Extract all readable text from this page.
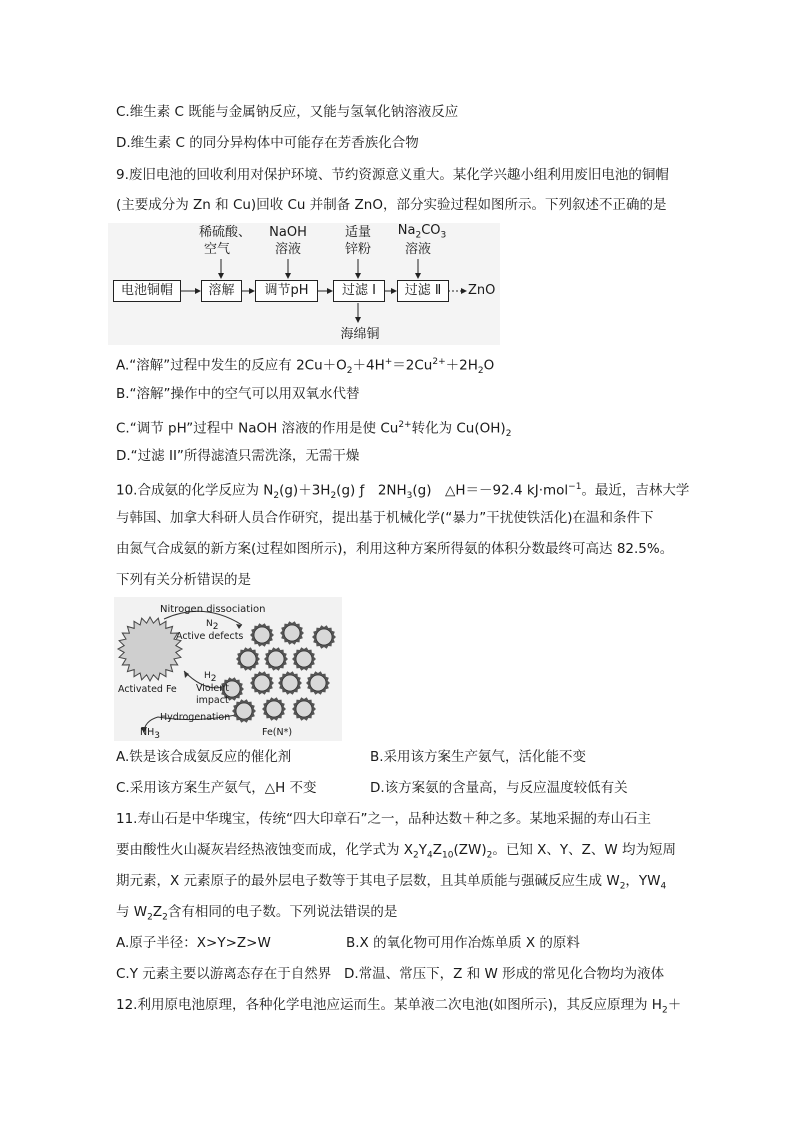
C.维生素 C 既能与金属钠反应，又能与氢氧化钠溶液反应
D.维生素 C 的同分异构体中可能存在芳香族化合物
9.废旧电池的回收利用对保护环境、节约资源意义重大。某化学兴趣小组利用废旧电池的铜帽
(主要成分为 Zn 和 Cu)回收 Cu 并制备 ZnO，部分实验过程如图所示。下列叙述不正确的是
电池铜帽	溶解	调节pH	过滤 Ⅰ	过滤 Ⅱ	ZnO
稀硫酸、
空气
NaOH
溶液
适量
锌粉
$Na_2CO_3$
溶液
海绵铜
A.“溶解”过程中发生的反应有 $2Cu+O_2+4H^+=2Cu^{2+}+2H_2O$
B.“溶解”操作中的空气可以用双氧水代替
C.“调节 pH”过程中 NaOH 溶液的作用是使 $Cu^{2+}$转化为 $Cu(OH)_2$
D.“过滤 II”所得滤渣只需洗涤，无需干燥
10.合成氨的化学反应为 $N_2(g)+3H_2(g)$ ƒ　$2NH_3(g)$　△H＝－92.4 kJ·mol$^{-1}$。最近，吉林大学
与韩国、加拿大科研人员合作研究，提出基于机械化学(“暴力”干扰使铁活化)在温和条件下
由氮气合成氨的新方案(过程如图所示)，利用这种方案所得氨的体积分数最终可高达 82.5%。
下列有关分析错误的是
Nitrogen dissociation
$N_2$
Active defects
$H_2$
Violent
impact
Activated Fe
Hydrogenation
$NH_3$	Fe(N*)
A.铁是该合成氨反应的催化剂	B.采用该方案生产氨气，活化能不变
C.采用该方案生产氨气，△H 不变	D.该方案氨的含量高，与反应温度较低有关
11.寿山石是中华瑰宝，传统“四大印章石”之一，品种达数＋种之多。某地采掘的寿山石主
要由酸性火山凝灰岩经热液蚀变而成，化学式为 $X_2Y_4Z_{10}(ZW)_2$。已知 X、Y、Z、W 均为短周
期元素，X 元素原子的最外层电子数等于其电子层数，且其单质能与强碱反应生成 $W_2$，$YW_4$
与 $W_2Z_2$含有相同的电子数。下列说法错误的是
A.原子半径：X>Y>Z>W	B.X 的氧化物可用作冶炼单质 X 的原料
C.Y 元素主要以游离态存在于自然界 D.常温、常压下，Z 和 W 形成的常见化合物均为液体
12.利用原电池原理，各种化学电池应运而生。某单液二次电池(如图所示)，其反应原理为 $H_2+$
